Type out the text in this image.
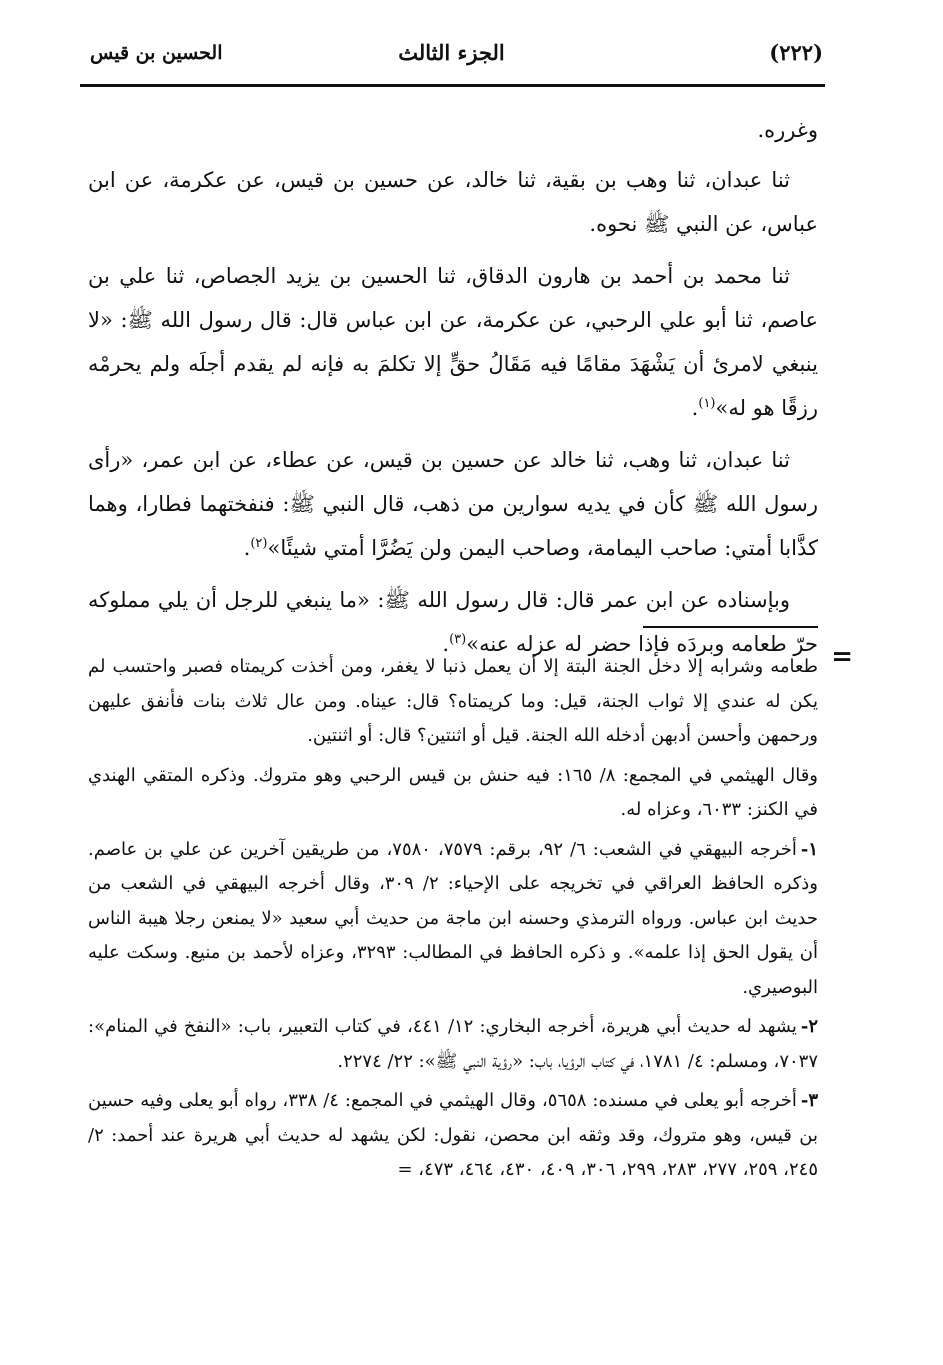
الحسين بن قيس	الجزء الثالث	(٢٢٢)

وغرره.

ثنا عبدان، ثنا وهب بن بقية، ثنا خالد، عن حسين بن قيس، عن عكرمة، عن ابن عباس، عن النبي ﷺ نحوه.

ثنا محمد بن أحمد بن هارون الدقاق، ثنا الحسين بن يزيد الجصاص، ثنا علي بن عاصم، ثنا أبو علي الرحبي، عن عكرمة، عن ابن عباس قال: قال رسول الله ﷺ: «لا ينبغي لامرئ أن يَشْهَدَ مقامًا فيه مَقَالُ حقٍّ إلا تكلمَ به فإنه لم يقدم أجلَه ولم يحرمْه رزقًا هو له»$^{(١)}$.

ثنا عبدان، ثنا وهب، ثنا خالد عن حسين بن قيس، عن عطاء، عن ابن عمر، «رأى رسول الله ﷺ كأن في يديه سوارين من ذهب، قال النبي ﷺ: فنفختهما فطارا، وهما كذَّابا أمتي: صاحب اليمامة، وصاحب اليمن ولن يَضُرَّا أمتي شيئًا»$^{(٢)}$.

وبإسناده عن ابن عمر قال: قال رسول الله ﷺ: «ما ينبغي للرجل أن يلي مملوكه حرّ طعامه وبردَه فإذا حضر له عزله عنه»$^{(٣)}$.	=

طعامه وشرابه إلا دخل الجنة البتة إلا أن يعمل ذنبا لا يغفر، ومن أخذت كريمتاه فصبر واحتسب لم يكن له عندي إلا ثواب الجنة، قيل: وما كريمتاه؟ قال: عيناه. ومن عال ثلاث بنات فأنفق عليهن ورحمهن وأحسن أدبهن أدخله الله الجنة. قيل أو اثنتين؟ قال: أو اثنتين.

وقال الهيثمي في المجمع: ٨/ ١٦٥: فيه حنش بن قيس الرحبي وهو متروك. وذكره المتقي الهندي في الكنز: ٦٠٣٣، وعزاه له.

١-أخرجه البيهقي في الشعب: ٦/ ٩٢، برقم: ٧٥٧٩، ٧٥٨٠، من طريقين آخرين عن علي بن عاصم. وذكره الحافظ العراقي في تخريجه على الإحياء: ٢/ ٣٠٩، وقال أخرجه البيهقي في الشعب من حديث ابن عباس. ورواه الترمذي وحسنه ابن ماجة من حديث أبي سعيد «لا يمنعن رجلا هيبة الناس أن يقول الحق إذا علمه». و ذكره الحافظ في المطالب: ٣٢٩٣، وعزاه لأحمد بن منيع. وسكت عليه البوصيري.

٢-يشهد له حديث أبي هريرة، أخرجه البخاري: ١٢/ ٤٤١، في كتاب التعبير، باب: «النفخ في المنام»: ٧٠٣٧، ومسلم: ٤/ ١٧٨١، في كتاب الرؤيا، باب: «رؤية النبي ﷺ»: ٢٢/ ٢٢٧٤.

٣-أخرجه أبو يعلى في مسنده: ٥٦٥٨، وقال الهيثمي في المجمع: ٤/ ٣٣٨، رواه أبو يعلى وفيه حسين بن قيس، وهو متروك، وقد وثقه ابن محصن، نقول: لكن يشهد له حديث أبي هريرة عند أحمد: ٢/ ٢٤٥، ٢٥٩، ٢٧٧، ٢٨٣، ٢٩٩، ٣٠٦، ٤٠٩، ٤٣٠، ٤٦٤، ٤٧٣، =
